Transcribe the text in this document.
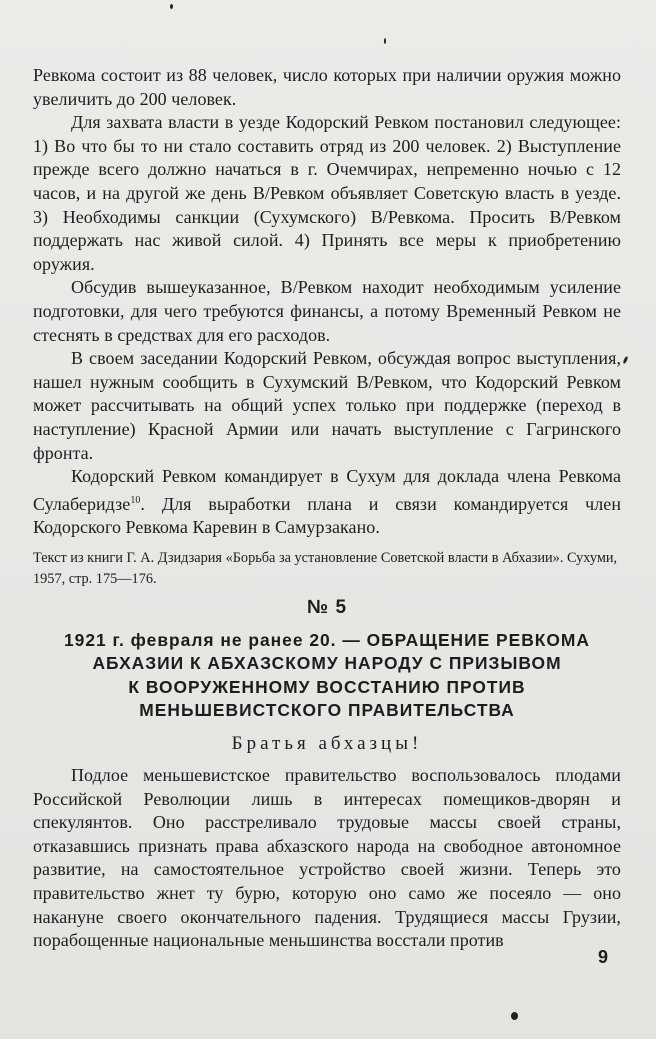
Ревкома состоит из 88 человек, число которых при наличии оружия можно увеличить до 200 человек.

Для захвата власти в уезде Кодорский Ревком постановил следующее: 1) Во что бы то ни стало составить отряд из 200 человек. 2) Выступление прежде всего должно начаться в г. Очемчирах, непременно ночью с 12 часов, и на другой же день В/Ревком объявляет Советскую власть в уезде. 3) Необходимы санкции (Сухумского) В/Ревкома. Просить В/Ревком поддержать нас живой силой. 4) Принять все меры к приобретению оружия.

Обсудив вышеуказанное, В/Ревком находит необходимым усиление подготовки, для чего требуются финансы, а потому Временный Ревком не стеснять в средствах для его расходов.

В своем заседании Кодорский Ревком, обсуждая вопрос выступления, нашел нужным сообщить в Сухумский В/Ревком, что Кодорский Ревком может рассчитывать на общий успех только при поддержке (переход в наступление) Красной Армии или начать выступление с Гагринского фронта.

Кодорский Ревком командирует в Сухум для доклада члена Ревкома Сулаберидзе$^{10}$. Для выработки плана и связи командируется член Кодорского Ревкома Каревин в Самурзакано.

Текст из книги Г. А. Дзидзария «Борьба за установление Советской власти в Абхазии». Сухуми, 1957, стр. 175—176.

№ 5
1921 г. февраля не ранее 20. — ОБРАЩЕНИЕ РЕВКОМА
АБХАЗИИ К АБХАЗСКОМУ НАРОДУ С ПРИЗЫВОМ
К ВООРУЖЕННОМУ ВОССТАНИЮ ПРОТИВ
МЕНЬШЕВИСТСКОГО ПРАВИТЕЛЬСТВА
Братья абхазцы!

Подлое меньшевистское правительство воспользовалось плодами Российской Революции лишь в интересах помещиков-дворян и спекулянтов. Оно расстреливало трудовые массы своей страны, отказавшись признать права абхазского народа на свободное автономное развитие, на самостоятельное устройство своей жизни. Теперь это правительство жнет ту бурю, которую оно само же посеяло — оно накануне своего окончательного падения. Трудящиеся массы Грузии, порабощенные национальные меньшинства восстали против

9
